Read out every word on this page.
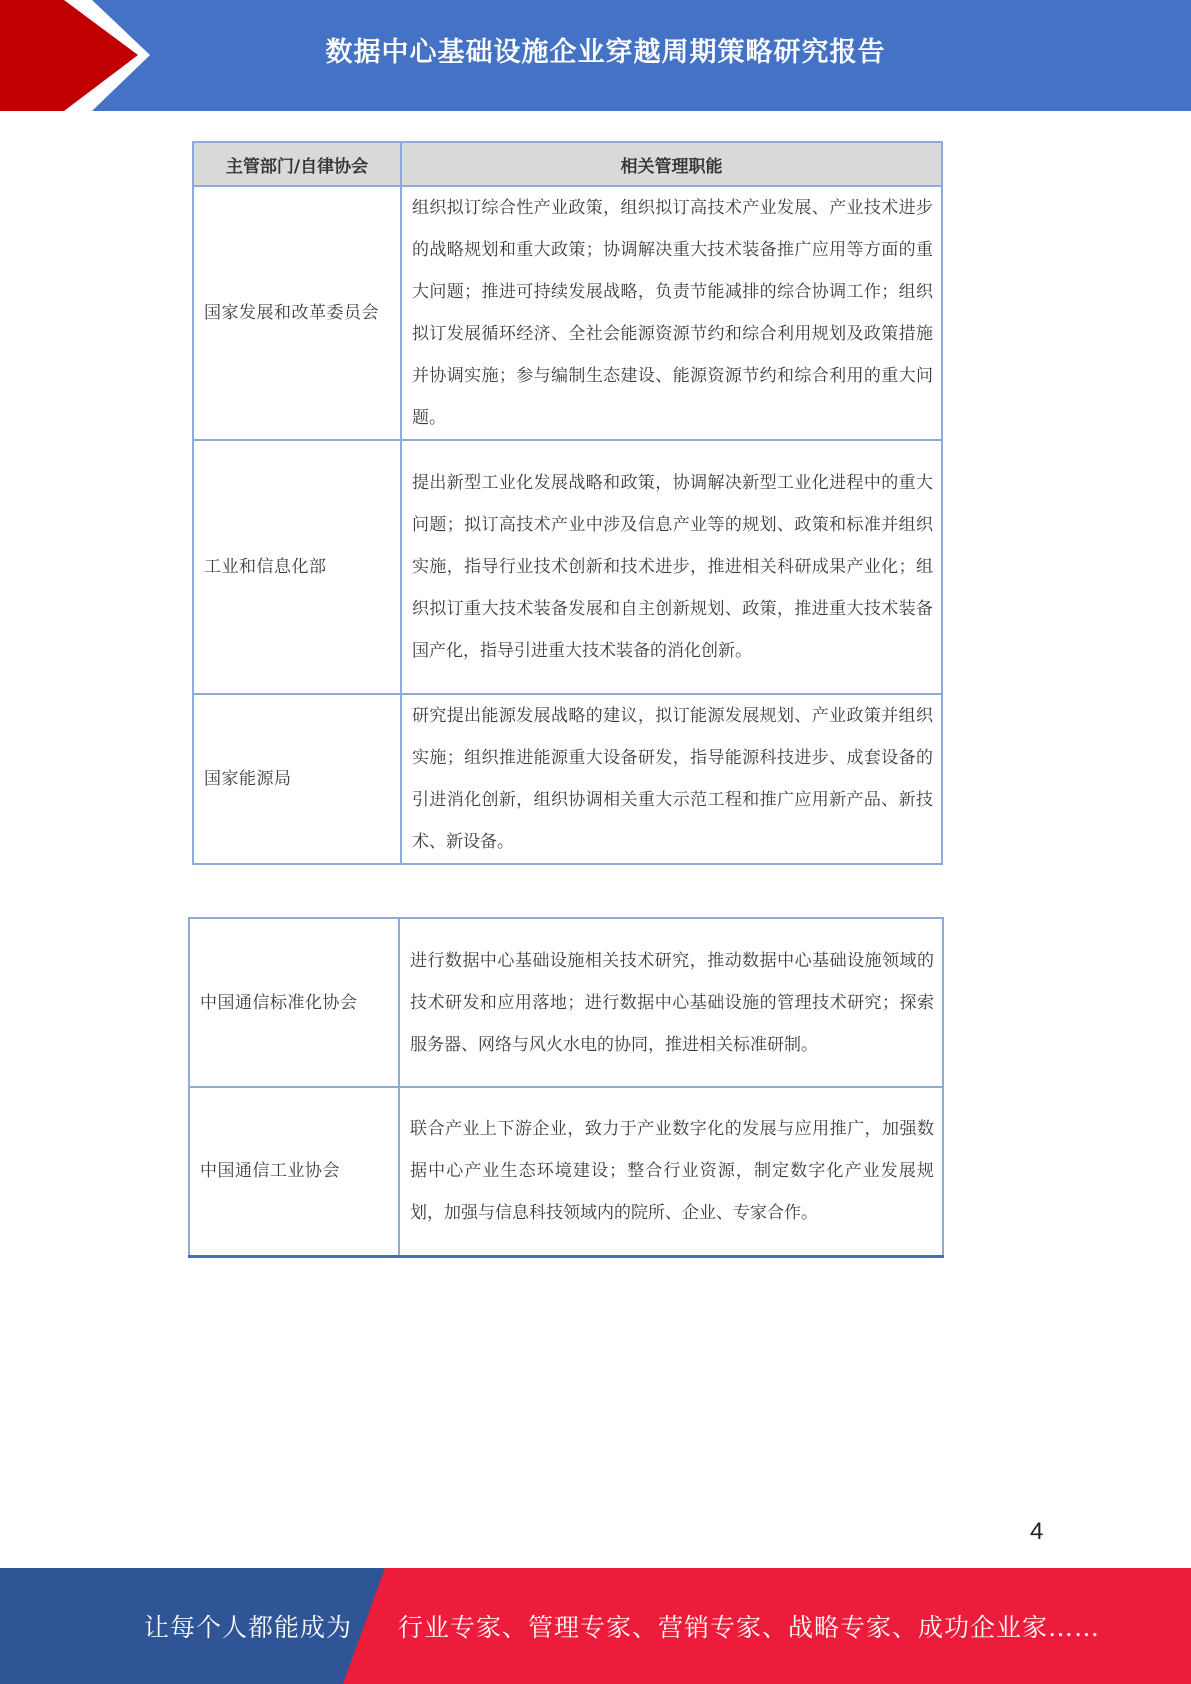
数据中心基础设施企业穿越周期策略研究报告
主管部门/自律协会	相关管理职能
国家发展和改革委员会	组织拟订综合性产业政策，组织拟订高技术产业发展、产业技术进步的战略规划和重大政策；协调解决重大技术装备推广应用等方面的重大问题；推进可持续发展战略，负责节能减排的综合协调工作；组织拟订发展循环经济、全社会能源资源节约和综合利用规划及政策措施并协调实施；参与编制生态建设、能源资源节约和综合利用的重大问题。
工业和信息化部	提出新型工业化发展战略和政策，协调解决新型工业化进程中的重大问题；拟订高技术产业中涉及信息产业等的规划、政策和标准并组织实施，指导行业技术创新和技术进步，推进相关科研成果产业化；组织拟订重大技术装备发展和自主创新规划、政策，推进重大技术装备国产化，指导引进重大技术装备的消化创新。
国家能源局	研究提出能源发展战略的建议，拟订能源发展规划、产业政策并组织实施；组织推进能源重大设备研发，指导能源科技进步、成套设备的引进消化创新，组织协调相关重大示范工程和推广应用新产品、新技术、新设备。
中国通信标准化协会	进行数据中心基础设施相关技术研究，推动数据中心基础设施领域的技术研发和应用落地；进行数据中心基础设施的管理技术研究；探索服务器、网络与风火水电的协同，推进相关标准研制。
中国通信工业协会	联合产业上下游企业，致力于产业数字化的发展与应用推广，加强数据中心产业生态环境建设；整合行业资源，制定数字化产业发展规划，加强与信息科技领域内的院所、企业、专家合作。
4
让每个人都能成为 行业专家、管理专家、营销专家、战略专家、成功企业家……
